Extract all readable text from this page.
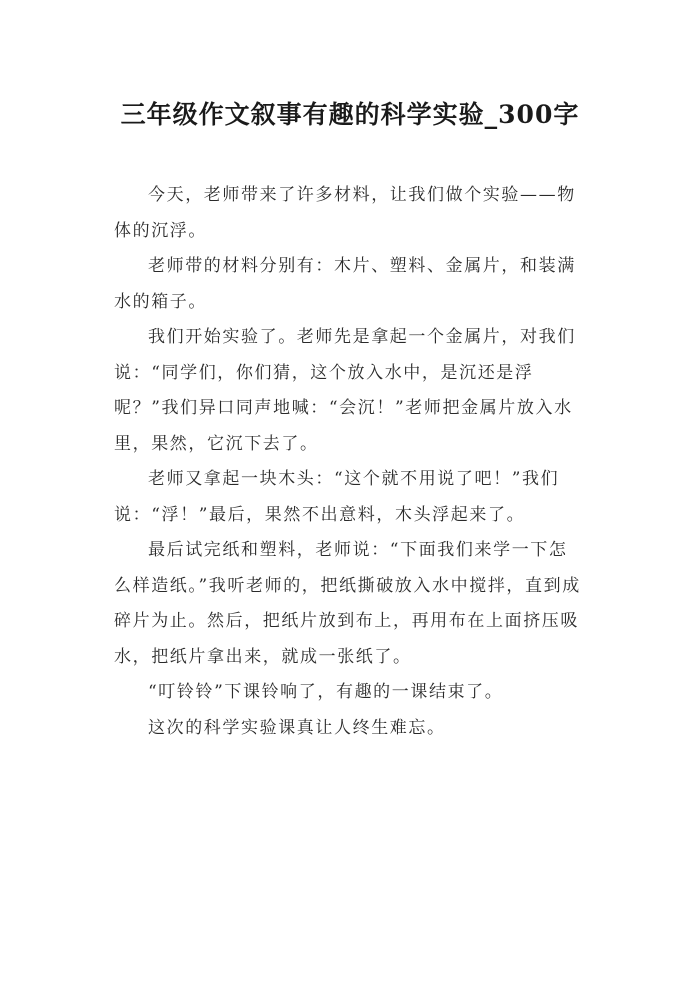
三年级作文叙事有趣的科学实验_300字

今天，老师带来了许多材料，让我们做个实验——物体的沉浮。

老师带的材料分别有：木片、塑料、金属片，和装满水的箱子。

我们开始实验了。老师先是拿起一个金属片，对我们说：“同学们，你们猜，这个放入水中，是沉还是浮呢？”我们异口同声地喊：“会沉！”老师把金属片放入水里，果然，它沉下去了。

老师又拿起一块木头：“这个就不用说了吧！”我们说：“浮！”最后，果然不出意料，木头浮起来了。

最后试完纸和塑料，老师说：“下面我们来学一下怎么样造纸。”我听老师的，把纸撕破放入水中搅拌，直到成碎片为止。然后，把纸片放到布上，再用布在上面挤压吸水，把纸片拿出来，就成一张纸了。

“叮铃铃”下课铃响了，有趣的一课结束了。

这次的科学实验课真让人终生难忘。
